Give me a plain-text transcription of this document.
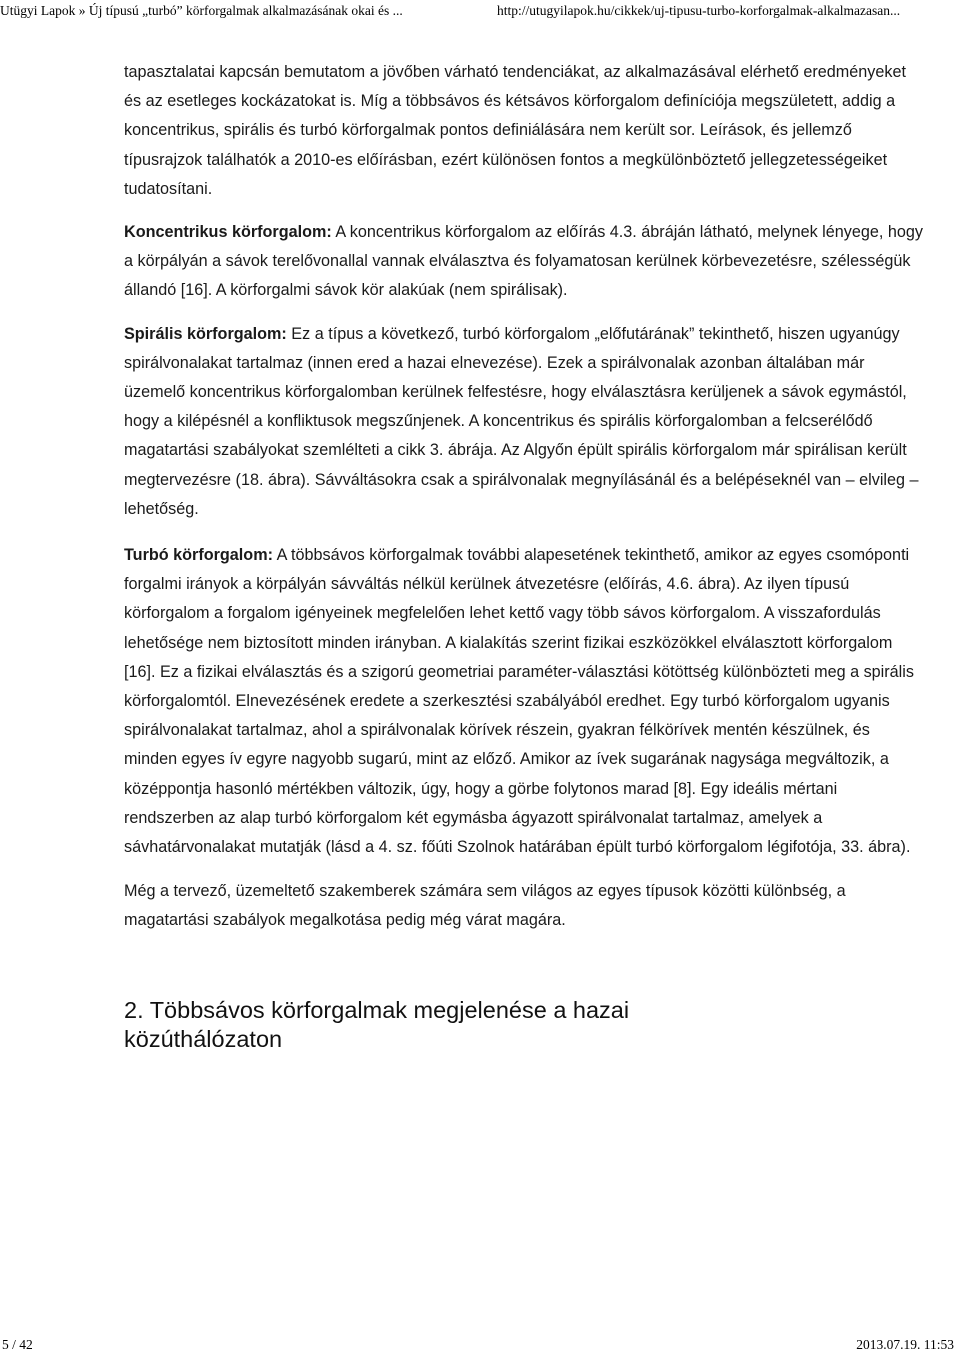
Utügyi Lapok » Új típusú „turbó” körforgalmak alkalmazásának okai és ...	http://utugyilapok.hu/cikkek/uj-tipusu-turbo-korforgalmak-alkalmazasan...

tapasztalatai kapcsán bemutatom a jövőben várható tendenciákat, az alkalmazásával elérhető eredményeket és az esetleges kockázatokat is. Míg a többsávos és kétsávos körforgalom definíciója megszületett, addig a koncentrikus, spirális és turbó körforgalmak pontos definiálására nem került sor. Leírások, és jellemző típusrajzok találhatók a 2010-es előírásban, ezért különösen fontos a megkülönböztető jellegzetességeiket tudatosítani.

Koncentrikus körforgalom: A koncentrikus körforgalom az előírás 4.3. ábráján látható, melynek lényege, hogy a körpályán a sávok terelővonallal vannak elválasztva és folyamatosan kerülnek körbevezetésre, szélességük állandó [16]. A körforgalmi sávok kör alakúak (nem spirálisak).

Spirális körforgalom: Ez a típus a következő, turbó körforgalom „előfutárának” tekinthető, hiszen ugyanúgy spirálvonalakat tartalmaz (innen ered a hazai elnevezése). Ezek a spirálvonalak azonban általában már üzemelő koncentrikus körforgalomban kerülnek felfestésre, hogy elválasztásra kerüljenek a sávok egymástól, hogy a kilépésnél a konfliktusok megszűnjenek. A koncentrikus és spirális körforgalomban a felcserélődő magatartási szabályokat szemlélteti a cikk 3. ábrája. Az Algyőn épült spirális körforgalom már spirálisan került megtervezésre (18. ábra). Sávváltásokra csak a spirálvonalak megnyílásánál és a belépéseknél van – elvileg – lehetőség.

Turbó körforgalom: A többsávos körforgalmak további alapesetének tekinthető, amikor az egyes csomóponti forgalmi irányok a körpályán sávváltás nélkül kerülnek átvezetésre (előírás, 4.6. ábra). Az ilyen típusú körforgalom a forgalom igényeinek megfelelően lehet kettő vagy több sávos körforgalom. A visszafordulás lehetősége nem biztosított minden irányban. A kialakítás szerint fizikai eszközökkel elválasztott körforgalom [16]. Ez a fizikai elválasztás és a szigorú geometriai paraméter-választási kötöttség különbözteti meg a spirális körforgalomtól. Elnevezésének eredete a szerkesztési szabályából eredhet. Egy turbó körforgalom ugyanis spirálvonalakat tartalmaz, ahol a spirálvonalak körívek részein, gyakran félkörívek mentén készülnek, és minden egyes ív egyre nagyobb sugarú, mint az előző. Amikor az ívek sugarának nagysága megváltozik, a középpontja hasonló mértékben változik, úgy, hogy a görbe folytonos marad [8]. Egy ideális mértani rendszerben az alap turbó körforgalom két egymásba ágyazott spirálvonalat tartalmaz, amelyek a sávhatárvonalakat mutatják (lásd a 4. sz. főúti Szolnok határában épült turbó körforgalom légifotója, 33. ábra).

Még a tervező, üzemeltető szakemberek számára sem világos az egyes típusok közötti különbség, a magatartási szabályok megalkotása pedig még várat magára.

2. Többsávos körforgalmak megjelenése a hazai
közúthálózaton
5 / 42	2013.07.19. 11:53
